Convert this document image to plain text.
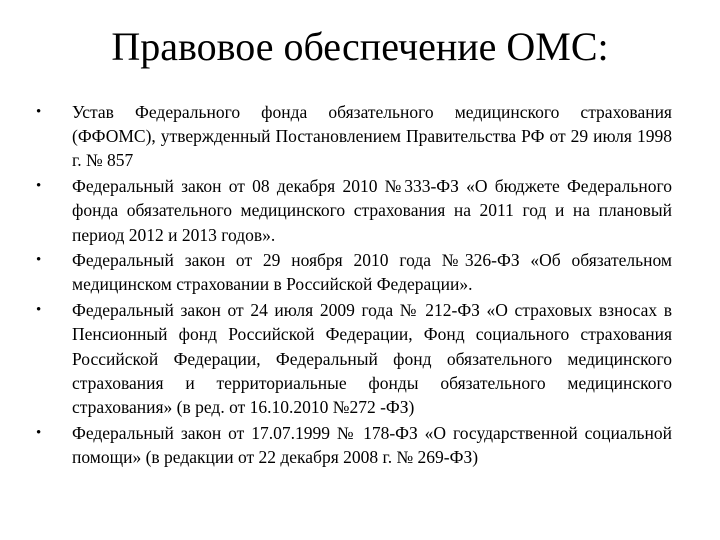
Правовое обеспечение ОМС:
•	Устав Федерального фонда обязательного медицинского страхования (ФФОМС), утвержденный Постановлением Правительства РФ от 29 июля 1998 г. № 857
•	Федеральный закон от 08 декабря 2010 №333-ФЗ «О бюджете Федерального фонда обязательного медицинского страхования на 2011 год и на плановый период 2012 и 2013 годов».
•	Федеральный закон от 29 ноября 2010 года №326-ФЗ «Об обязательном медицинском страховании в Российской Федерации».
•	Федеральный закон от 24 июля 2009 года № 212-ФЗ «О страховых взносах в Пенсионный фонд Российской Федерации, Фонд социального страхования Российской Федерации, Федеральный фонд обязательного медицинского страхования и территориальные фонды обязательного медицинского страхования» (в ред. от 16.10.2010 №272 -ФЗ)
•	Федеральный закон от 17.07.1999 № 178-ФЗ «О государственной социальной помощи» (в редакции от 22 декабря 2008 г. № 269-ФЗ)
